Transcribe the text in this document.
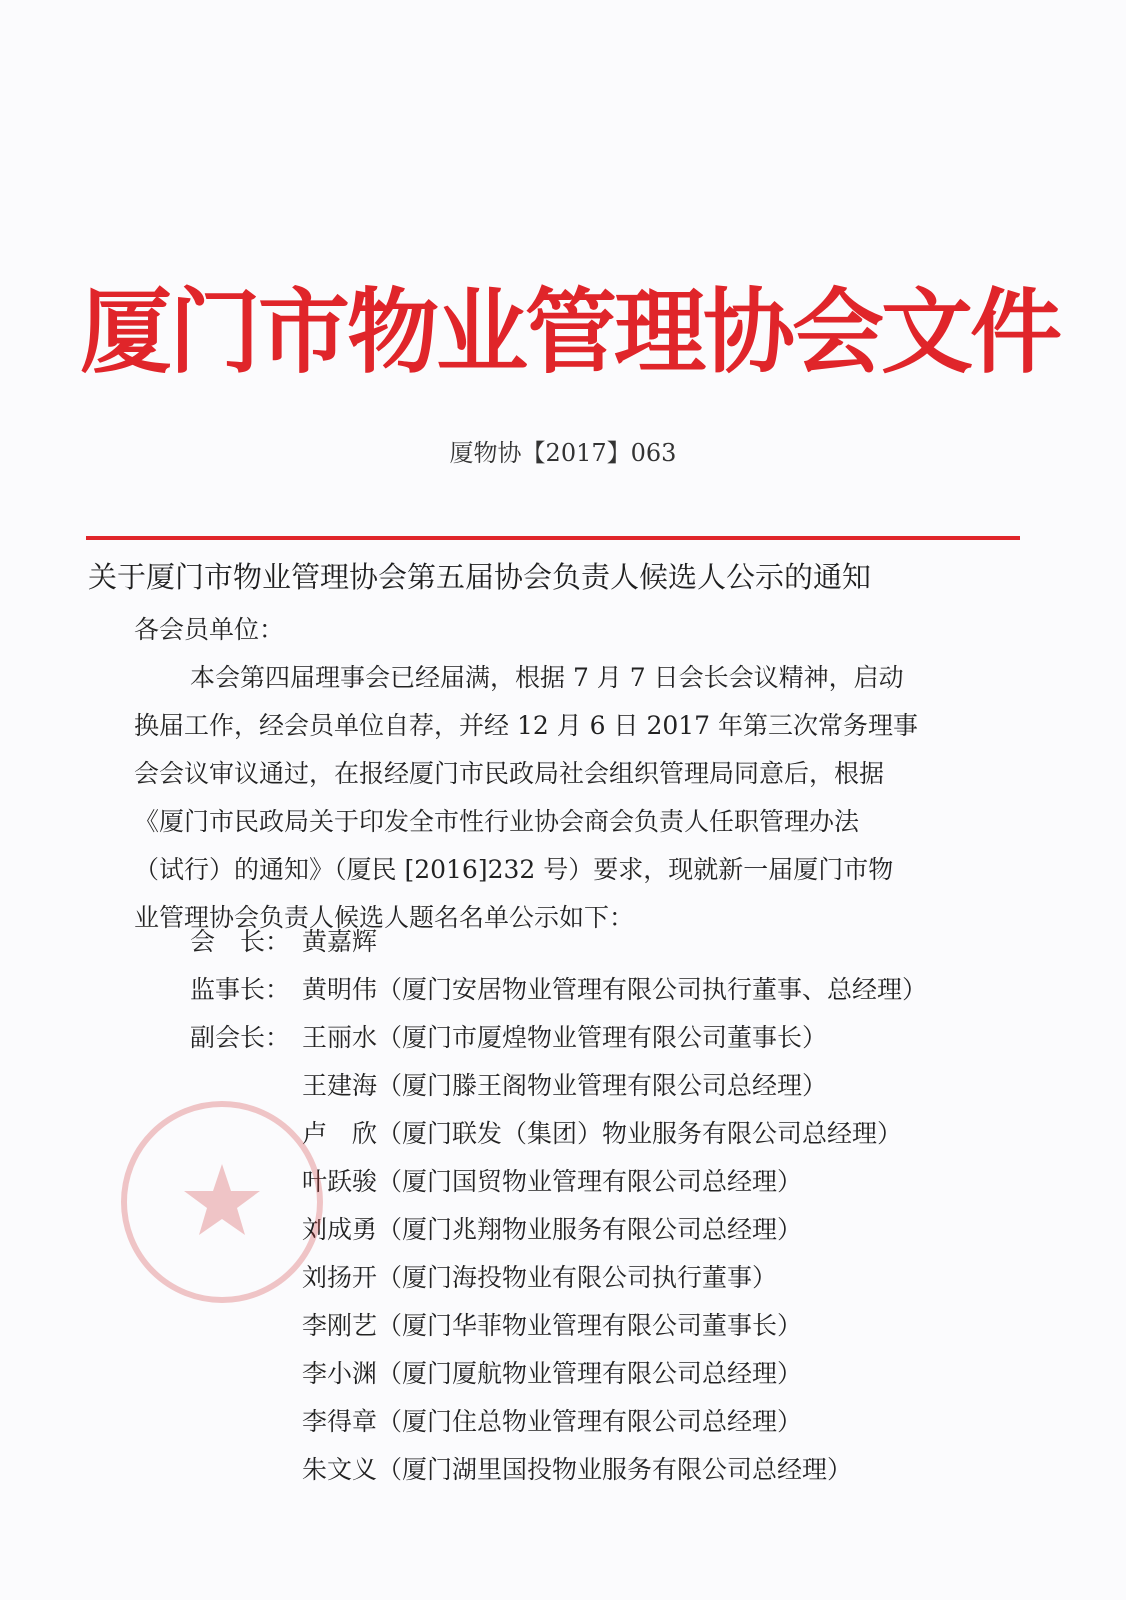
厦门市物业管理协会文件
厦物协【2017】063
关于厦门市物业管理协会第五届协会负责人候选人公示的通知
各会员单位：
本会第四届理事会已经届满，根据 7 月 7 日会长会议精神，启动
换届工作，经会员单位自荐，并经 12 月 6 日 2017 年第三次常务理事
会会议审议通过，在报经厦门市民政局社会组织管理局同意后，根据
《厦门市民政局关于印发全市性行业协会商会负责人任职管理办法
（试行）的通知》（厦民 [2016]232 号）要求，现就新一届厦门市物
业管理协会负责人候选人题名名单公示如下：
会　长： 黄嘉辉
监事长： 黄明伟（厦门安居物业管理有限公司执行董事、总经理）
副会长： 王丽水（厦门市厦煌物业管理有限公司董事长）
王建海（厦门滕王阁物业管理有限公司总经理）
卢　欣（厦门联发（集团）物业服务有限公司总经理）
叶跃骏（厦门国贸物业管理有限公司总经理）
刘成勇（厦门兆翔物业服务有限公司总经理）
刘扬开（厦门海投物业有限公司执行董事）
李刚艺（厦门华菲物业管理有限公司董事长）
李小渊（厦门厦航物业管理有限公司总经理）
李得章（厦门住总物业管理有限公司总经理）
朱文义（厦门湖里国投物业服务有限公司总经理）
